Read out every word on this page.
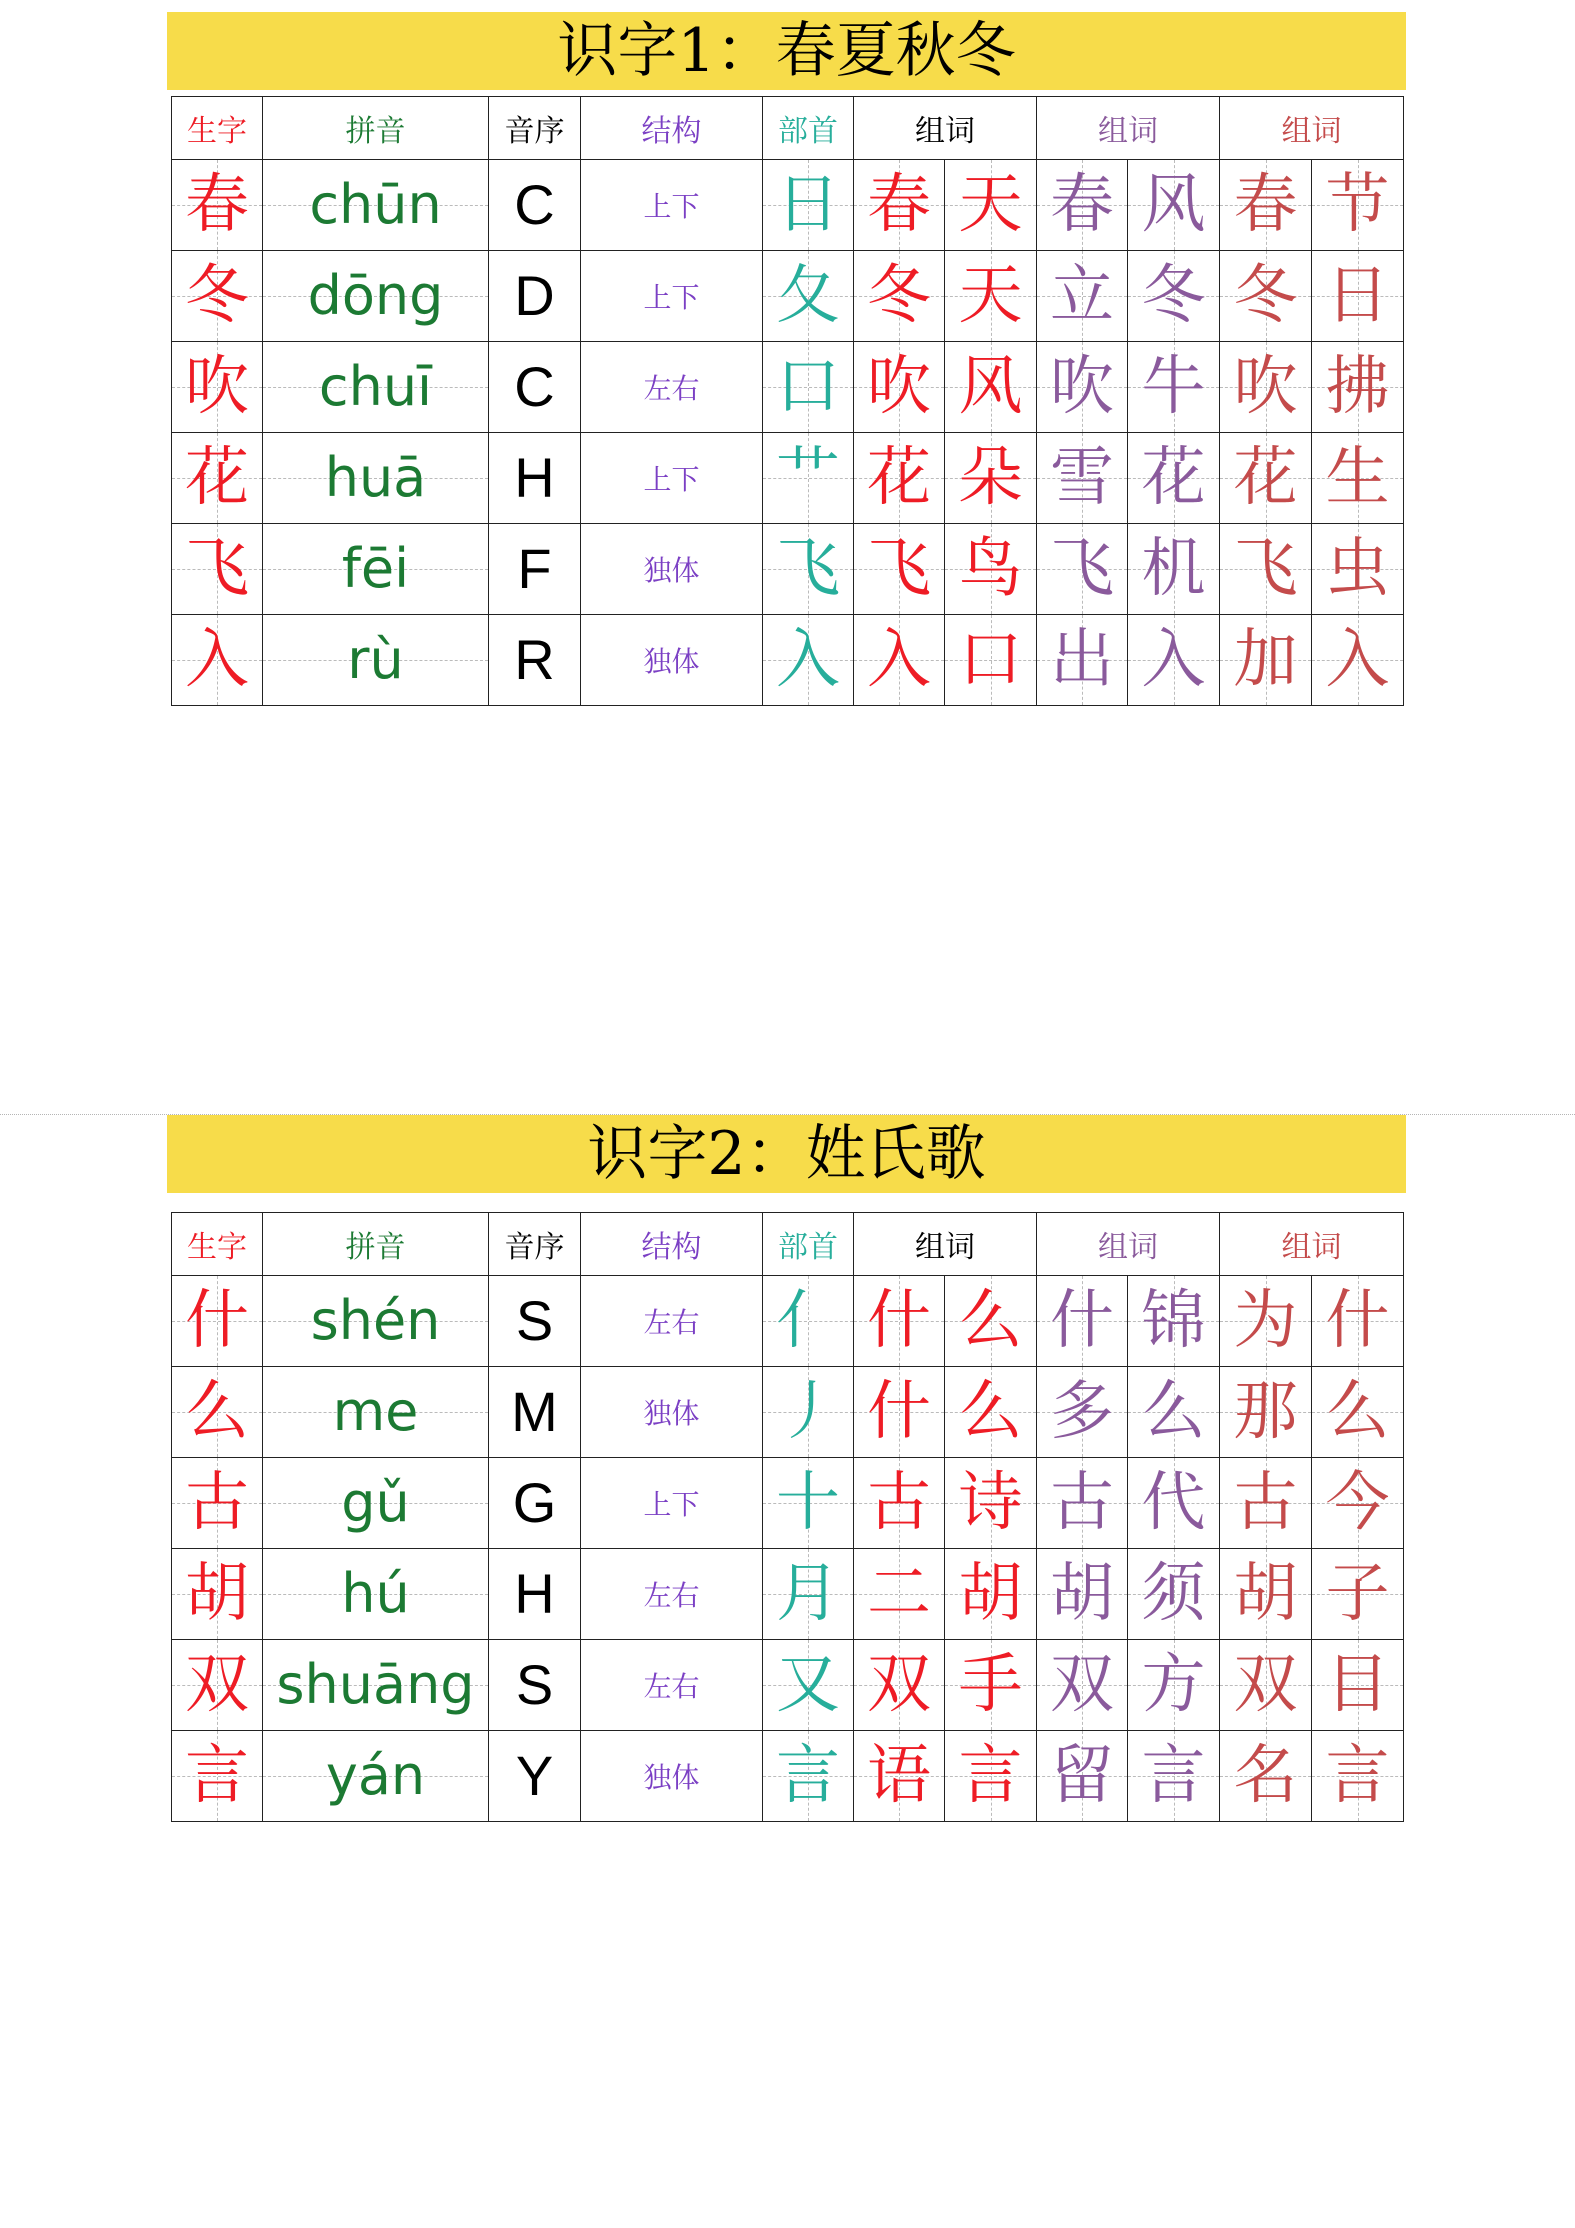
识字1：春夏秋冬
生字	拼音	音序	结构	部首	组词		组词		组词	
春	chūn	C	上下	日	春	天	春	风	春	节
冬	dōng	D	上下	夂	冬	天	立	冬	冬	日
吹	chuī	C	左右	口	吹	风	吹	牛	吹	拂
花	huā	H	上下	艹	花	朵	雪	花	花	生
飞	fēi	F	独体	飞	飞	鸟	飞	机	飞	虫
入	rù	R	独体	入	入	口	出	入	加	入
识字2：姓氏歌
生字	拼音	音序	结构	部首	组词		组词		组词	
什	shén	S	左右	亻	什	么	什	锦	为	什
么	me	M	独体	丿	什	么	多	么	那	么
古	gǔ	G	上下	十	古	诗	古	代	古	今
胡	hú	H	左右	月	二	胡	胡	须	胡	子
双	shuāng	S	左右	又	双	手	双	方	双	目
言	yán	Y	独体	言	语	言	留	言	名	言
